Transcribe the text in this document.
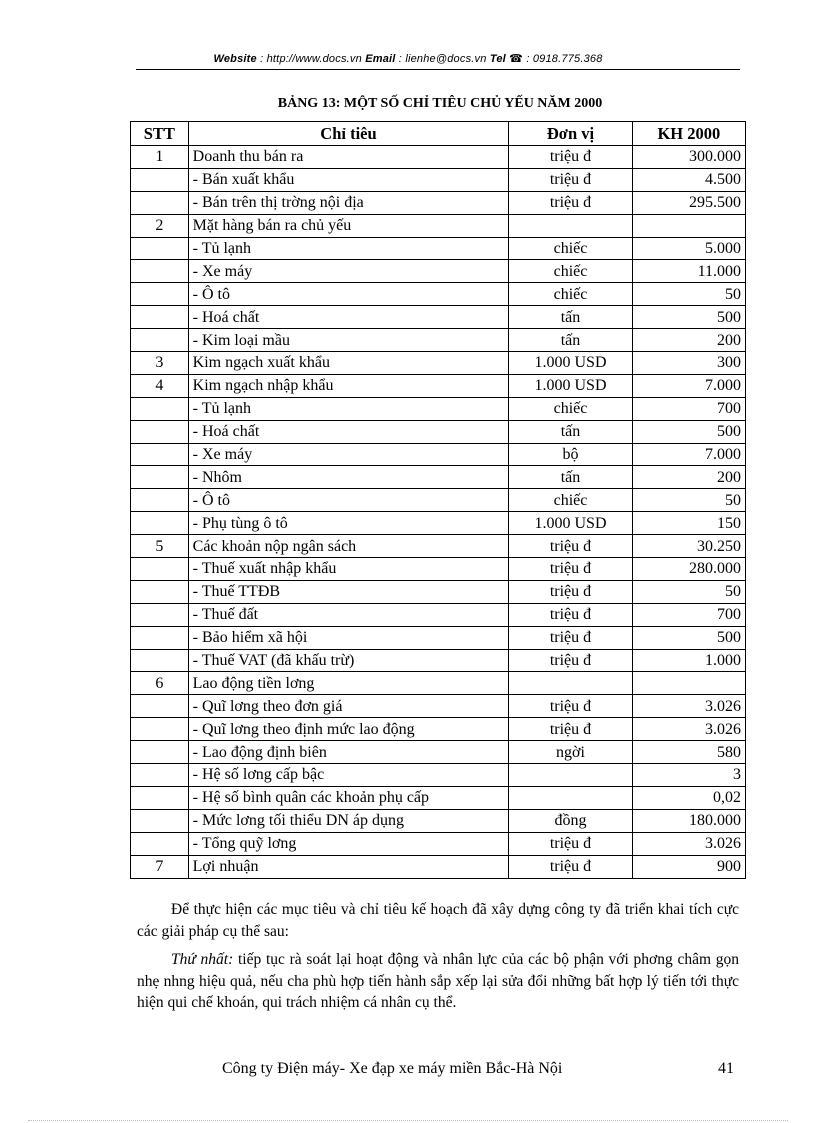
Website : http://www.docs.vn Email : lienhe@docs.vn Tel ☎ : 0918.775.368
BẢNG 13: MỘT SỐ CHỈ TIÊU CHỦ YẾU NĂM 2000
STT	Chỉ tiêu	Đơn vị	KH 2000
1	Doanh thu bán ra	triệu đ	300.000
	- Bán xuất khẩu	triệu đ	4.500
	- Bán trên thị trờng nội địa	triệu đ	295.500
2	Mặt hàng bán ra chủ yếu		
	- Tủ lạnh	chiếc	5.000
	- Xe máy	chiếc	11.000
	- Ô tô	chiếc	50
	- Hoá chất	tấn	500
	- Kim loại mầu	tấn	200
3	Kim ngạch xuất khẩu	1.000 USD	300
4	Kim ngạch nhập khẩu	1.000 USD	7.000
	- Tủ lạnh	chiếc	700
	- Hoá chất	tấn	500
	- Xe máy	bộ	7.000
	- Nhôm	tấn	200
	- Ô tô	chiếc	50
	- Phụ tùng ô tô	1.000 USD	150
5	Các khoản nộp ngân sách	triệu đ	30.250
	- Thuế xuất nhập khẩu	triệu đ	280.000
	- Thuế TTĐB	triệu đ	50
	- Thuế đất	triệu đ	700
	- Bảo hiểm xã hội	triệu đ	500
	- Thuế VAT (đã khấu trừ)	triệu đ	1.000
6	Lao động tiền lơng		
	- Quĩ lơng theo đơn giá	triệu đ	3.026
	- Quĩ lơng theo định mức lao động	triệu đ	3.026
	- Lao động định biên	ngời	580
	- Hệ số lơng cấp bậc		3
	- Hệ số bình quân các khoản phụ cấp		0,02
	- Mức lơng tối thiểu DN áp dụng	đồng	180.000
	- Tổng quỹ lơng	triệu đ	3.026
7	Lợi nhuận	triệu đ	900

Để thực hiện các mục tiêu và chỉ tiêu kế hoạch đã xây dựng công ty đã triển khai tích cực các giải pháp cụ thể sau:

Thứ nhất: tiếp tục rà soát lại hoạt động và nhân lực của các bộ phận với phơng châm gọn nhẹ nhng hiệu quả, nếu cha phù hợp tiến hành sắp xếp lại sửa đổi những bất hợp lý tiến tới thực hiện qui chế khoán, qui trách nhiệm cá nhân cụ thể.

Công ty Điện máy- Xe đạp xe máy miền Bắc-Hà Nội	41
